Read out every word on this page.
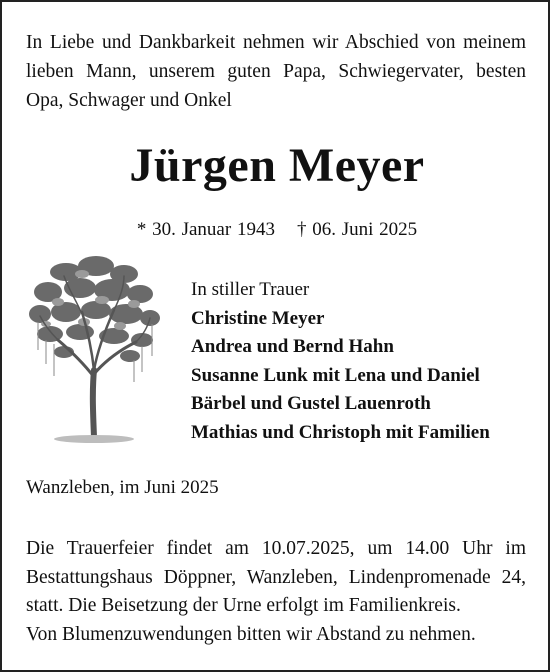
In Liebe und Dankbarkeit nehmen wir Abschied von meinem
lieben Mann, unserem guten Papa, Schwiegervater, besten
Opa, Schwager und Onkel
Jürgen Meyer
* 30. Januar 1943 † 06. Juni 2025
In stiller Trauer
Christine Meyer
Andrea und Bernd Hahn
Susanne Lunk mit Lena und Daniel
Bärbel und Gustel Lauenroth
Mathias und Christoph mit Familien
Wanzleben, im Juni 2025
Die Trauerfeier findet am 10.07.2025, um 14.00 Uhr im
Bestattungshaus Döppner, Wanzleben, Lindenpromenade 24,
statt. Die Beisetzung der Urne erfolgt im Familienkreis.
Von Blumenzuwendungen bitten wir Abstand zu nehmen.
